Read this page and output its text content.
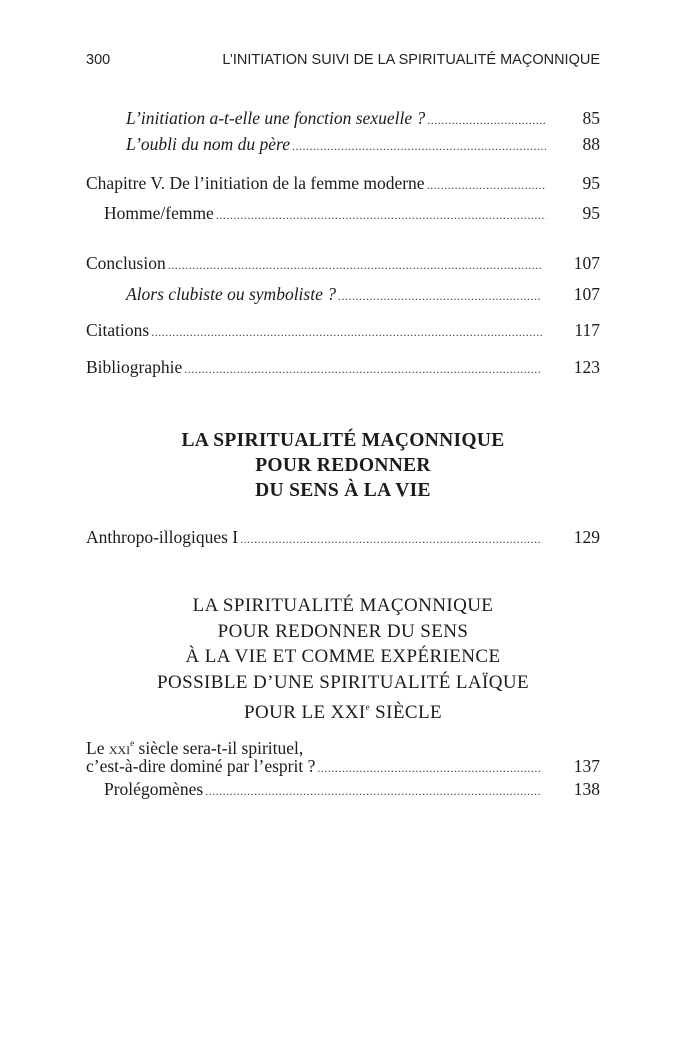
300	L’INITIATION SUIVI DE LA SPIRITUALITÉ MAÇONNIQUE
L’initiation a-t-elle une fonction sexuelle ? .....	85
L’oubli du nom du père .....	88
Chapitre V. De l’initiation de la femme moderne .....	95
Homme/femme .....	95
Conclusion .....	107
Alors clubiste ou symboliste ? .....	107
Citations .....	117
Bibliographie .....	123
LA SPIRITUALITÉ MAÇONNIQUE
POUR REDONNER
DU SENS À LA VIE
Anthropo-illogiques I .....	129
LA SPIRITUALITÉ MAÇONNIQUE
POUR REDONNER DU SENS
À LA VIE ET COMME EXPÉRIENCE
POSSIBLE D’UNE SPIRITUALITÉ LAÏQUE
POUR LE XXIe SIÈCLE
Le xxi$^e$ siècle sera-t-il spirituel,
c’est-à-dire dominé par l’esprit ? .....	137
Prolégomènes .....	138
